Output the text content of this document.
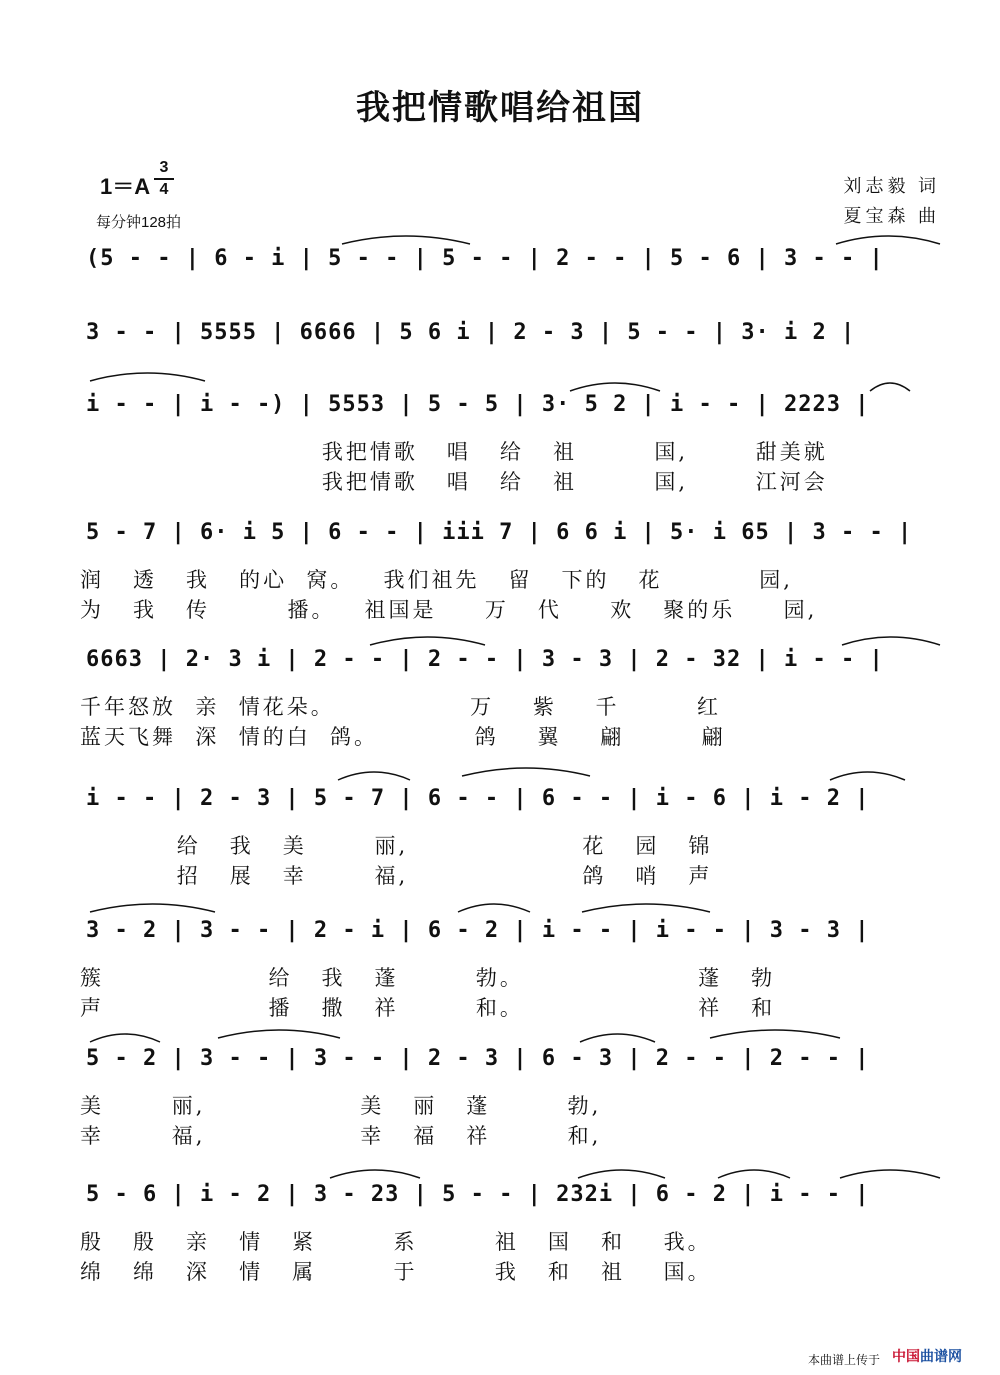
我把情歌唱给祖国
1＝A
3
4
每分钟128拍
刘志毅 词
夏宝森 曲
(5 - - | 6 - i | 5 - - | 5 - - | 2 - - | 5 - 6 | 3 - - |
3 - - | 5555 | 6666 | 5 6 i | 2 - 3 | 5 - - | 3· i 2 |
i - - | i - -) | 5553 | 5 - 5 | 3· 5 2 | i - - | 2223 |
我把情歌   唱   给   祖        国,       甜美就
我把情歌   唱   给   祖        国,       江河会
5 - 7 | 6· i 5 | 6 - - | iii 7 | 6 6 i | 5· i 65 | 3 - - |
润   透   我   的心  窝。   我们祖先   留   下的   花          园,
为   我   传        播。   祖国是     万   代     欢   聚的乐     园,
6663 | 2· 3 i | 2 - - | 2 - - | 3 - 3 | 2 - 32 | i - - |
千年怒放  亲  情花朵。              万    紫    千        红
蓝天飞舞  深  情的白  鸽。          鸽    翼    翩        翩
i - - | 2 - 3 | 5 - 7 | 6 - - | 6 - - | i - 6 | i - 2 |
给   我   美       丽,                  花   园   锦
招   展   幸       福,                  鸽   哨   声
3 - 2 | 3 - - | 2 - i | 6 - 2 | i - - | i - - | 3 - 3 |
簇                 给   我   蓬        勃。                  蓬   勃
声                 播   撒   祥        和。                  祥   和
5 - 2 | 3 - - | 3 - - | 2 - 3 | 6 - 3 | 2 - - | 2 - - |
美       丽,                美   丽   蓬        勃,
幸       福,                幸   福   祥        和,
5 - 6 | i - 2 | 3 - 23 | 5 - - | 232i | 6 - 2 | i - - |
殷   殷   亲   情   紧        系        祖   国   和    我。
绵   绵   深   情   属        于        我   和   祖    国。
本曲谱上传于 中国曲谱网
